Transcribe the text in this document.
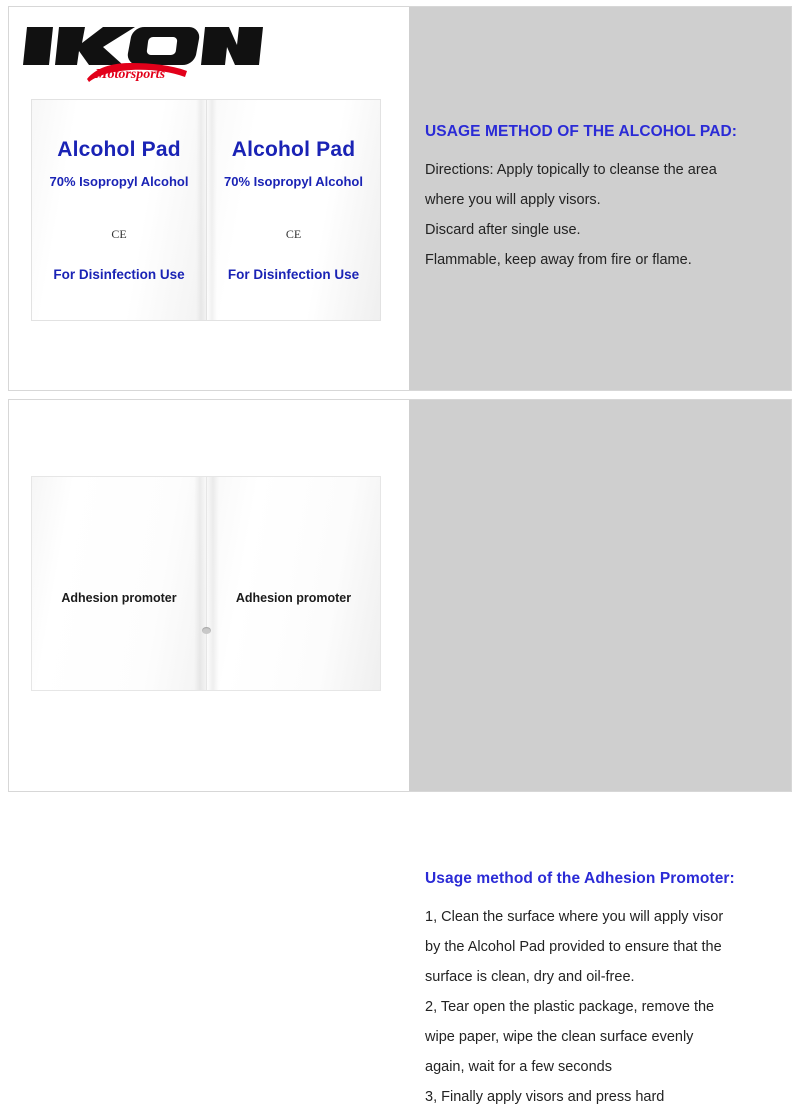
Motorsports
Alcohol Pad
70% Isopropyl Alcohol
CE
For Disinfection Use
Alcohol Pad
70% Isopropyl Alcohol
CE
For Disinfection Use

USAGE METHOD OF THE ALCOHOL PAD:

Directions: Apply topically to cleanse the area

where you will apply visors.

Discard after single use.

Flammable, keep away from fire or flame.

Adhesion promoter	Adhesion promoter

Usage method of the Adhesion Promoter:

1, Clean the surface where you will apply visor

by the Alcohol Pad provided to ensure that the

surface is clean, dry and oil-free.

2, Tear open the plastic package, remove the

wipe paper, wipe the clean surface evenly

again, wait for a few seconds

3, Finally apply visors and press hard
